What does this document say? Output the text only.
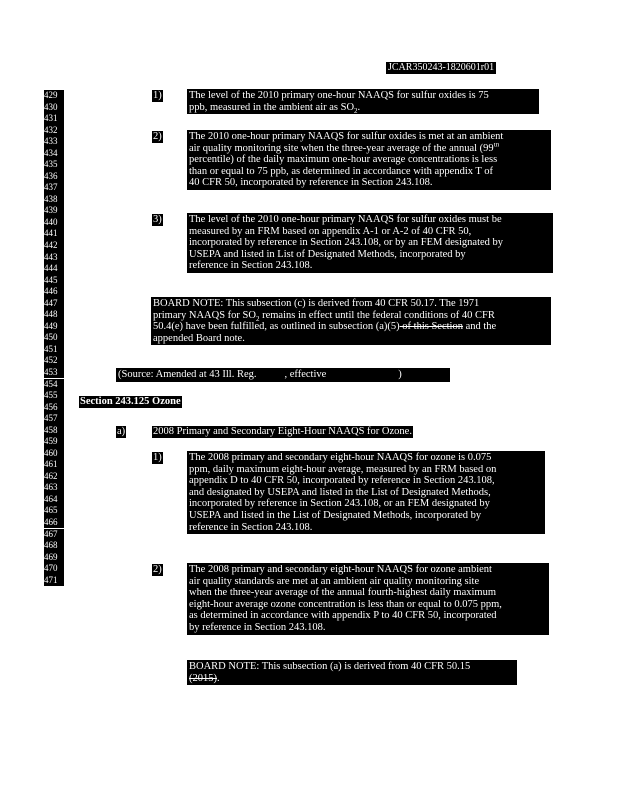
JCAR350243-1820601r01
429
430
431
432
433
434
435
436
437
438
439
440
441
442
443
444
445
446
447
448
449
450
451
452
453
454
455
456
457
458
459
460
461
462
463
464
465
466
467
468
469
470
471
1)	The level of the 2010 primary one-hour NAAQS for sulfur oxides is 75

ppb, measured in the ambient air as $SO_2$.

2)	The 2010 one-hour primary NAAQS for sulfur oxides is met at an ambient

air quality monitoring site when the three-year average of the annual (99th

percentile) of the daily maximum one-hour average concentrations is less

than or equal to 75 ppb, as determined in accordance with appendix T of

40 CFR 50, incorporated by reference in Section 243.108.

3)	The level of the 2010 one-hour primary NAAQS for sulfur oxides must be

measured by an FRM based on appendix A-1 or A-2 of 40 CFR 50,

incorporated by reference in Section 243.108, or by an FEM designated by

USEPA and listed in List of Designated Methods, incorporated by

reference in Section 243.108.

BOARD NOTE: This subsection (c) is derived from 40 CFR 50.17. The 1971

primary NAAQS for $SO_2$ remains in effect until the federal conditions of 40 CFR

50.4(e) have been fulfilled, as outlined in subsection (a)(5) of this Section and the

appended Board note.

(Source: Amended at 43 Ill. Reg.	, effective	)

Section 243.125 Ozone
a)	2008 Primary and Secondary Eight-Hour NAAQS for Ozone.
1)	The 2008 primary and secondary eight-hour NAAQS for ozone is 0.075

ppm, daily maximum eight-hour average, measured by an FRM based on

appendix D to 40 CFR 50, incorporated by reference in Section 243.108,

and designated by USEPA and listed in the List of Designated Methods,

incorporated by reference in Section 243.108, or an FEM designated by

USEPA and listed in the List of Designated Methods, incorporated by

reference in Section 243.108.

2)	The 2008 primary and secondary eight-hour NAAQS for ozone ambient

air quality standards are met at an ambient air quality monitoring site

when the three-year average of the annual fourth-highest daily maximum

eight-hour average ozone concentration is less than or equal to 0.075 ppm,

as determined in accordance with appendix P to 40 CFR 50, incorporated

by reference in Section 243.108.

BOARD NOTE: This subsection (a) is derived from 40 CFR 50.15

(2015).
